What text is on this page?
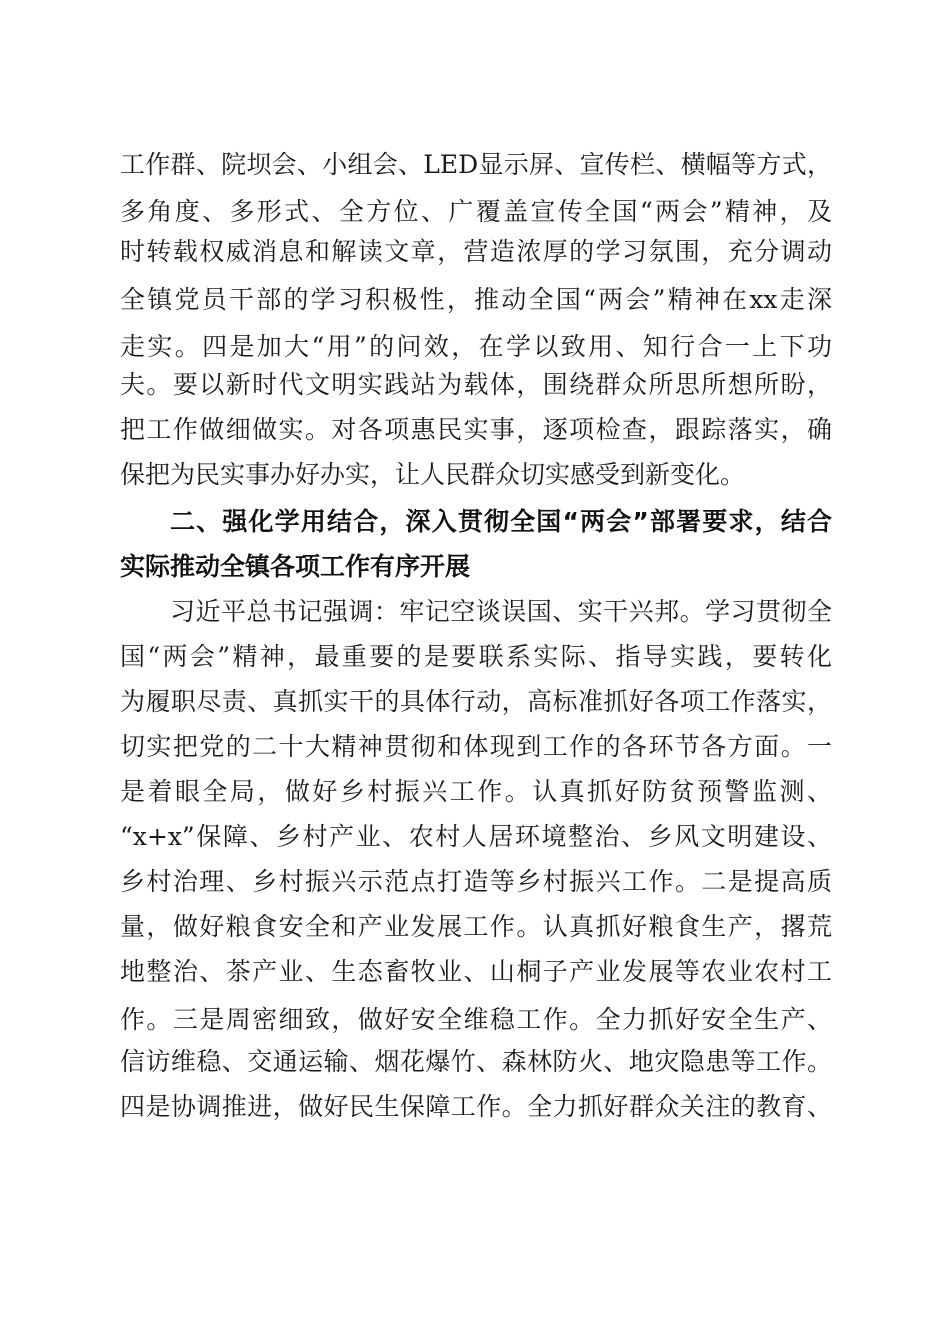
工作群、院坝会、小组会、LED显示屏、宣传栏、横幅等方式，
多角度、多形式、全方位、广覆盖宣传全国“两会”精神，及
时转载权威消息和解读文章，营造浓厚的学习氛围，充分调动
全镇党员干部的学习积极性，推动全国“两会”精神在xx走深
走实。四是加大“用”的问效，在学以致用、知行合一上下功
夫。要以新时代文明实践站为载体，围绕群众所思所想所盼，
把工作做细做实。对各项惠民实事，逐项检查，跟踪落实，确
保把为民实事办好办实，让人民群众切实感受到新变化。
二、强化学用结合，深入贯彻全国“两会”部署要求，结合
实际推动全镇各项工作有序开展
习近平总书记强调：牢记空谈误国、实干兴邦。学习贯彻全
国“两会”精神，最重要的是要联系实际、指导实践，要转化
为履职尽责、真抓实干的具体行动，高标准抓好各项工作落实，
切实把党的二十大精神贯彻和体现到工作的各环节各方面。一
是着眼全局，做好乡村振兴工作。认真抓好防贫预警监测、
“x+x”保障、乡村产业、农村人居环境整治、乡风文明建设、
乡村治理、乡村振兴示范点打造等乡村振兴工作。二是提高质
量，做好粮食安全和产业发展工作。认真抓好粮食生产，撂荒
地整治、茶产业、生态畜牧业、山桐子产业发展等农业农村工
作。三是周密细致，做好安全维稳工作。全力抓好安全生产、
信访维稳、交通运输、烟花爆竹、森林防火、地灾隐患等工作。
四是协调推进，做好民生保障工作。全力抓好群众关注的教育、
